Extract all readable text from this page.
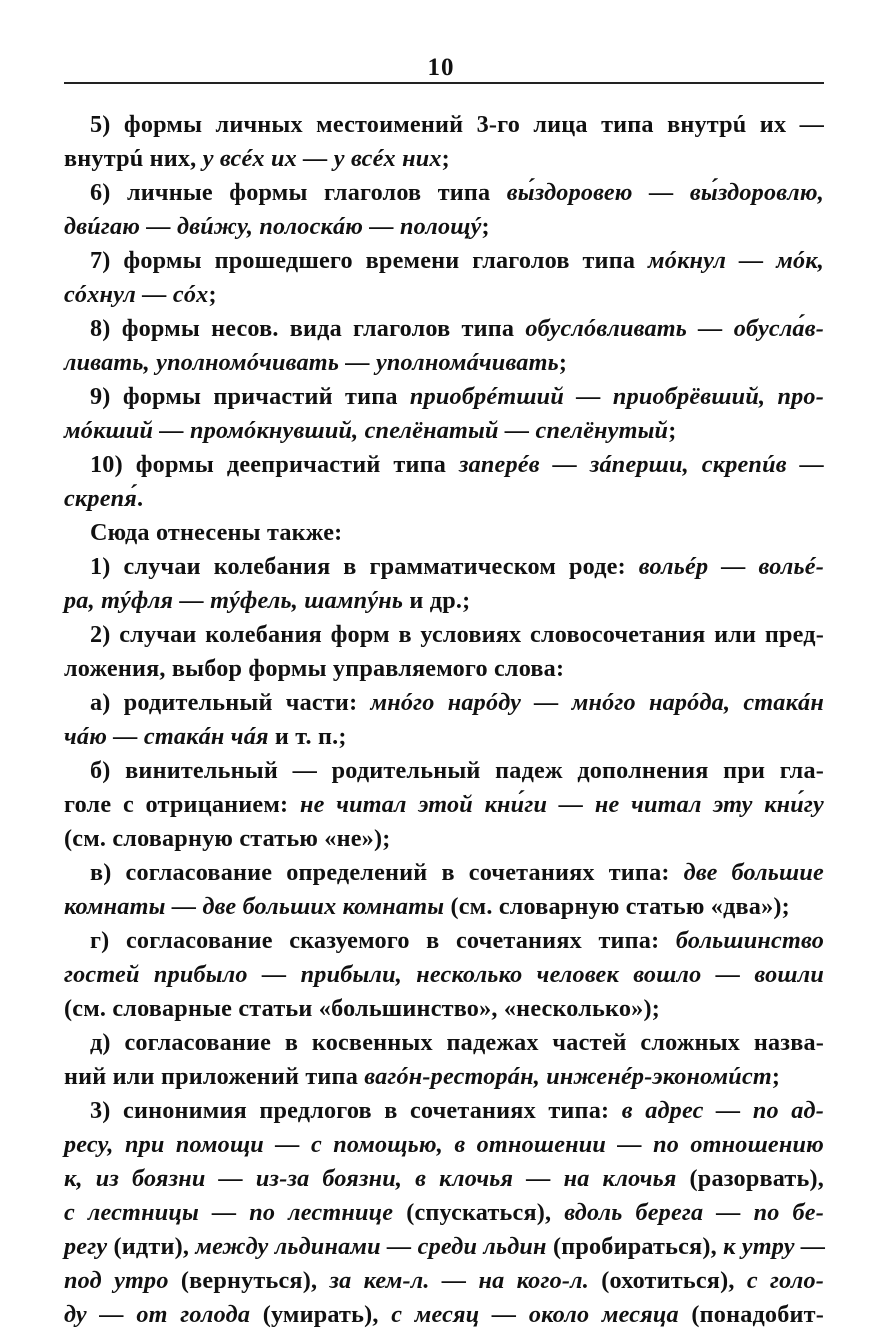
10
5) формы личных местоимений 3-го лица типа внутрú их —
внутрú них, у всéх их — у всéх них;
6) личные формы глаголов типа вы́здоровею — вы́здоровлю,
двúгаю — двúжу, полоскáю — полощý;
7) формы прошедшего времени глаголов типа мóкнул — мóк,
сóхнул — сóх;
8) формы несов. вида глаголов типа обуслóвливать — обусла́в-
ливать, уполномóчивать — уполномáчивать;
9) формы причастий типа приобрéтший — приобрёвший, про-
мóкший — промóкнувший, спелёнатый — спелёнутый;
10) формы деепричастий типа заперéв — зáперши, скрепúв —
скрепя́.
Сюда отнесены также:
1) случаи колебания в грамматическом роде: вольéр — вольé-
ра, тýфля — тýфель, шампýнь и др.;
2) случаи колебания форм в условиях словосочетания или пред-
ложения, выбор формы управляемого слова:
а) родительный части: мнóго нарóду — мнóго нарóда, стакáн
чáю — стакáн чáя и т. п.;
б) винительный — родительный падеж дополнения при гла-
голе с отрицанием: не читал этой кни́ги — не читал эту кни́гу
(см. словарную статью «не»);
в) согласование определений в сочетаниях типа: две большие
комнаты — две больших комнаты (см. словарную статью «два»);
г) согласование сказуемого в сочетаниях типа: большинство
гостей прибыло — прибыли, несколько человек вошло — вошли
(см. словарные статьи «большинство», «несколько»);
д) согласование в косвенных падежах частей сложных назва-
ний или приложений типа вагóн-ресторáн, инженéр-экономúст;
3) синонимия предлогов в сочетаниях типа: в адрес — по ад-
ресу, при помощи — с помощью, в отношении — по отношению
к, из боязни — из-за боязни, в клочья — на клочья (разорвать),
с лестницы — по лестнице (спускаться), вдоль берега — по бе-
регу (идти), между льдинами — среди льдин (пробираться), к утру —
под утро (вернуться), за кем-л. — на кого-л. (охотиться), с голо-
ду — от голода (умирать), с месяц — около месяца (понадобит-
